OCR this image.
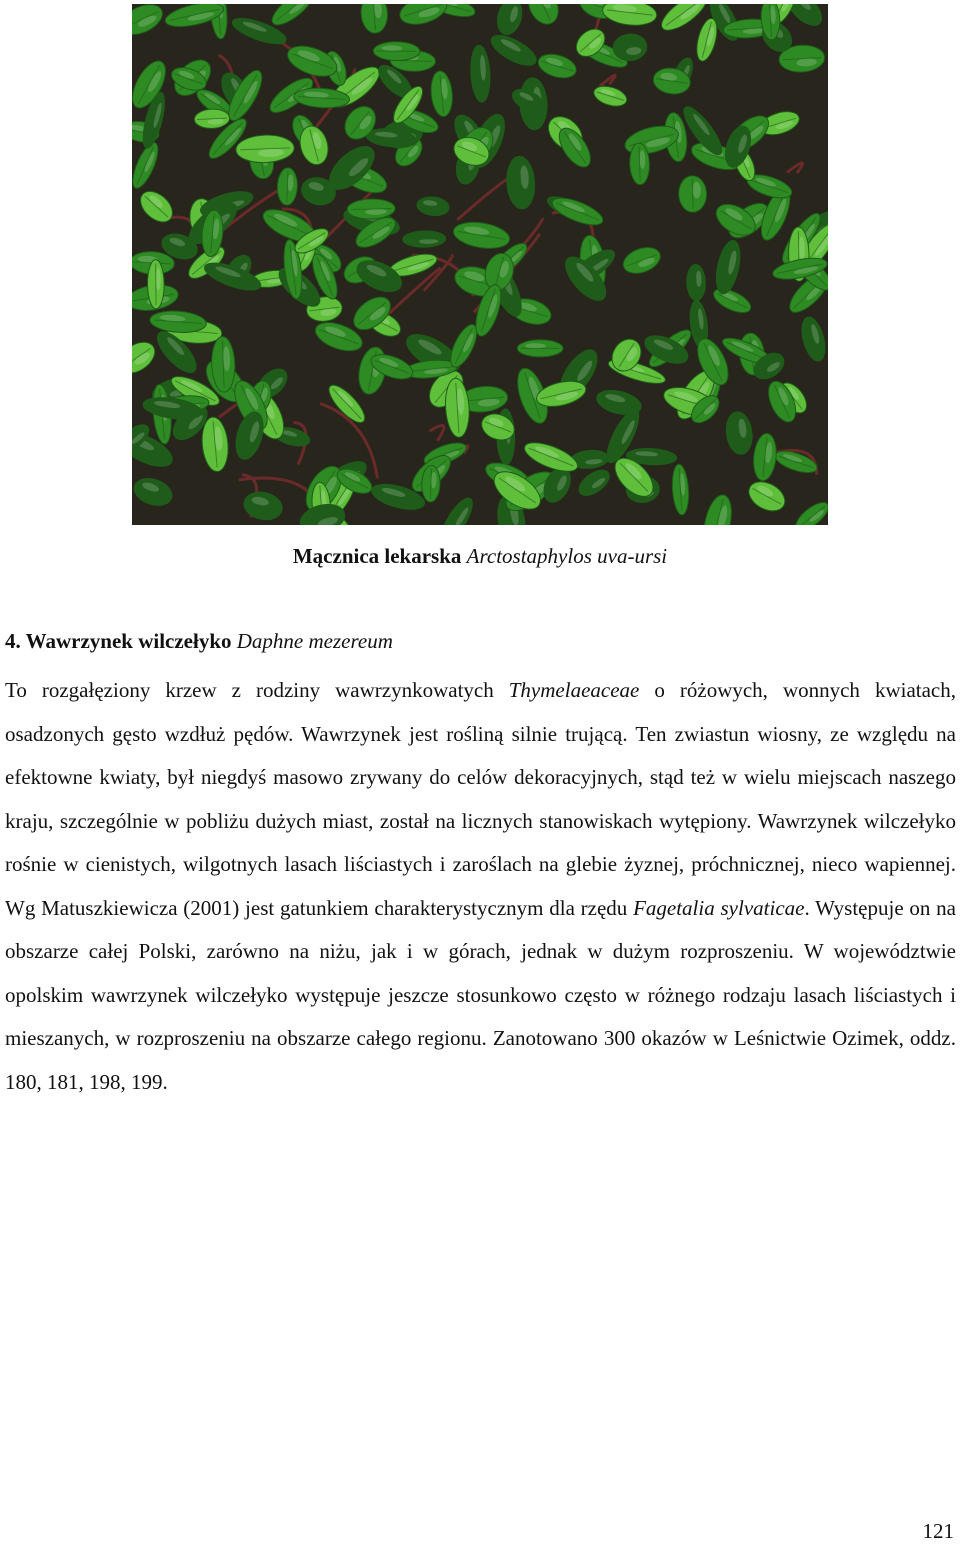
Mącznica lekarska Arctostaphylos uva-ursi
4. Wawrzynek wilczełyko Daphne mezereum

To rozgałęziony krzew z rodziny wawrzynkowatych Thymelaeaceae o różowych, wonnych kwiatach, osadzonych gęsto wzdłuż pędów. Wawrzynek jest rośliną silnie trującą. Ten zwiastun wiosny, ze względu na efektowne kwiaty, był niegdyś masowo zrywany do celów dekoracyjnych, stąd też w wielu miejscach naszego kraju, szczególnie w pobliżu dużych miast, został na licznych stanowiskach wytępiony. Wawrzynek wilczełyko rośnie w cienistych, wilgotnych lasach liściastych i zaroślach na glebie żyznej, próchnicznej, nieco wapiennej. Wg Matuszkiewicza (2001) jest gatunkiem charakterystycznym dla rzędu Fagetalia sylvaticae. Występuje on na obszarze całej Polski, zarówno na niżu, jak i w górach, jednak w dużym rozproszeniu. W województwie opolskim wawrzynek wilczełyko występuje jeszcze stosunkowo często w różnego rodzaju lasach liściastych i mieszanych, w rozproszeniu na obszarze całego regionu. Zanotowano 300 okazów w Leśnictwie Ozimek, oddz. 180, 181, 198, 199.

121
